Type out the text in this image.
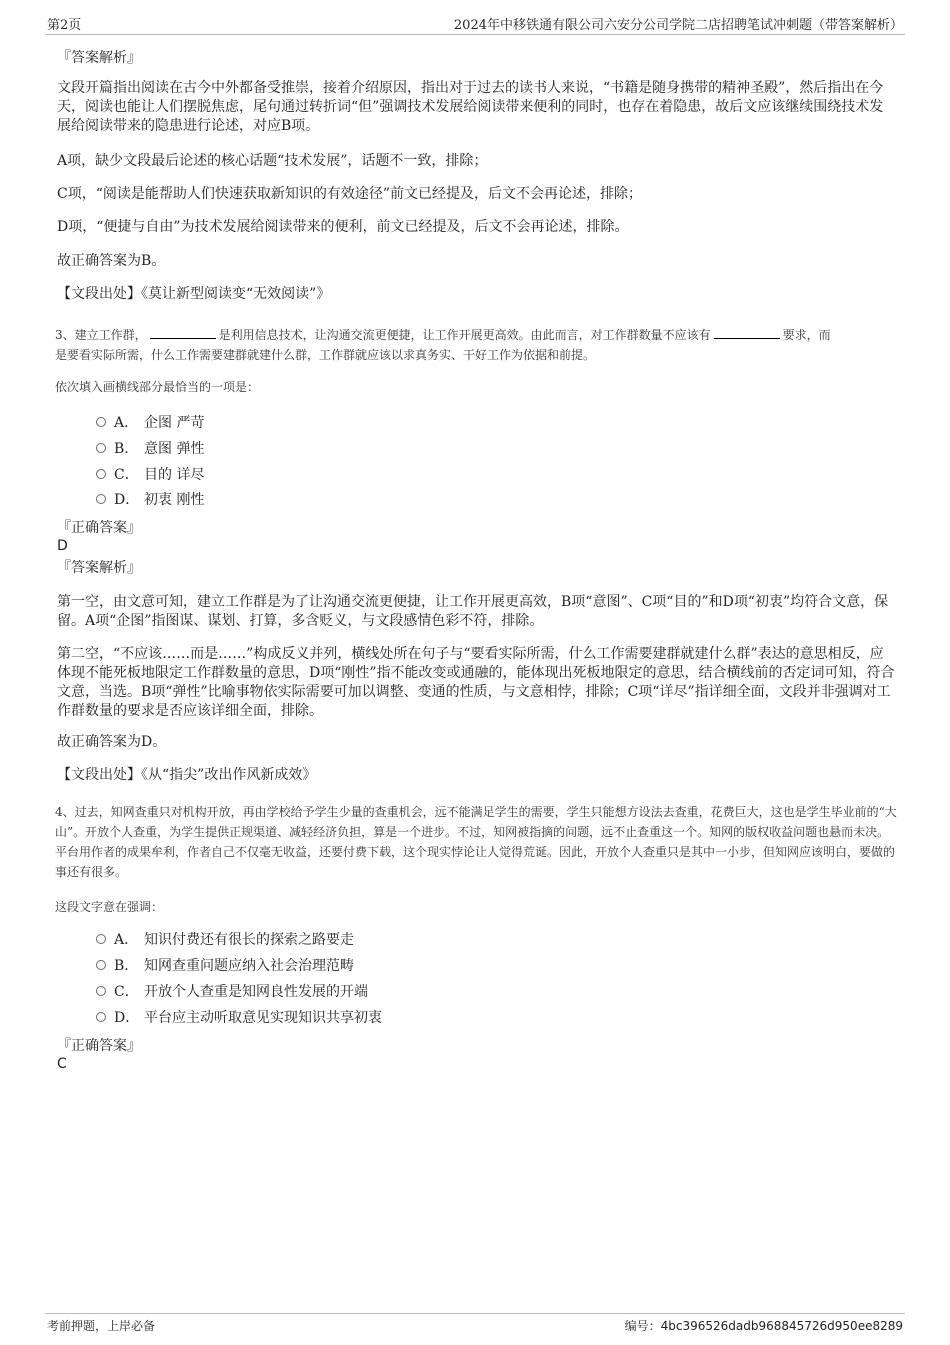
第2页	2024年中移铁通有限公司六安分公司学院二店招聘笔试冲刺题（带答案解析）
『答案解析』
文段开篇指出阅读在古今中外都备受推崇，接着介绍原因，指出对于过去的读书人来说，“书籍是随身携带的精神圣殿”，然后指出在今天，阅读也能让人们摆脱焦虑，尾句通过转折词“但”强调技术发展给阅读带来便利的同时，也存在着隐患，故后文应该继续围绕技术发展给阅读带来的隐患进行论述，对应B项。
A项，缺少文段最后论述的核心话题“技术发展”，话题不一致，排除；
C项，“阅读是能帮助人们快速获取新知识的有效途径”前文已经提及，后文不会再论述，排除；
D项，“便捷与自由”为技术发展给阅读带来的便利，前文已经提及，后文不会再论述，排除。
故正确答案为B。
【文段出处】《莫让新型阅读变“无效阅读”》
3、建立工作群，	是利用信息技术，让沟通交流更便捷，让工作开展更高效。由此而言，对工作群数量不应该有	要求，而
是要看实际所需，什么工作需要建群就建什么群，工作群就应该以求真务实、干好工作为依据和前提。
依次填入画横线部分最恰当的一项是：
A． 企图 严苛
B． 意图 弹性
C． 目的 详尽
D． 初衷 刚性
『正确答案』
D
『答案解析』
第一空，由文意可知，建立工作群是为了让沟通交流更便捷，让工作开展更高效，B项“意图”、C项“目的”和D项“初衷”均符合文意，保留。A项“企图”指图谋、谋划、打算，多含贬义，与文段感情色彩不符，排除。
第二空，“不应该……而是……”构成反义并列，横线处所在句子与“要看实际所需，什么工作需要建群就建什么群”表达的意思相反，应体现不能死板地限定工作群数量的意思，D项“刚性”指不能改变或通融的，能体现出死板地限定的意思，结合横线前的否定词可知，符合文意，当选。B项“弹性”比喻事物依实际需要可加以调整、变通的性质，与文意相悖，排除；C项“详尽”指详细全面，文段并非强调对工作群数量的要求是否应该详细全面，排除。
故正确答案为D。
【文段出处】《从“指尖”改出作风新成效》
4、过去，知网查重只对机构开放，再由学校给予学生少量的查重机会，远不能满足学生的需要，学生只能想方设法去查重，花费巨大，这也是学生毕业前的“大山”。开放个人查重，为学生提供正规渠道、减轻经济负担，算是一个进步。不过，知网被指摘的问题，远不止查重这一个。知网的版权收益问题也悬而未决。平台用作者的成果牟利，作者自己不仅毫无收益，还要付费下载，这个现实悖论让人觉得荒诞。因此，开放个人查重只是其中一小步，但知网应该明白，要做的事还有很多。
这段文字意在强调：
A． 知识付费还有很长的探索之路要走
B． 知网查重问题应纳入社会治理范畴
C． 开放个人查重是知网良性发展的开端
D． 平台应主动听取意见实现知识共享初衷
『正确答案』
C
考前押题，上岸必备	编号：4bc396526dadb968845726d950ee8289
